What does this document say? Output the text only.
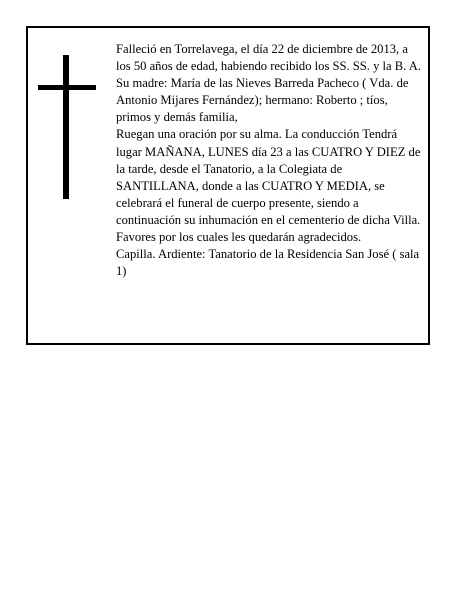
Falleció en Torrelavega, el día 22 de diciembre de 2013, a los 50 años de edad, habiendo recibido los SS. SS. y la B. A.

Su madre: María de las Nieves Barreda Pacheco ( Vda. de Antonio Mijares Fernández); hermano: Roberto ; tíos, primos y demás familia,

Ruegan una oración por su alma. La conducción Tendrá lugar MAÑANA, LUNES día 23 a las CUATRO Y DIEZ de la tarde, desde el Tanatorio, a la Colegiata de SANTILLANA, donde a las CUATRO Y MEDIA, se celebrará el funeral de cuerpo presente, siendo a continuación su inhumación en el cementerio de dicha Villa. Favores por los cuales les quedarán agradecidos.

Capilla. Ardiente: Tanatorio de la Residencia San José ( sala 1)
